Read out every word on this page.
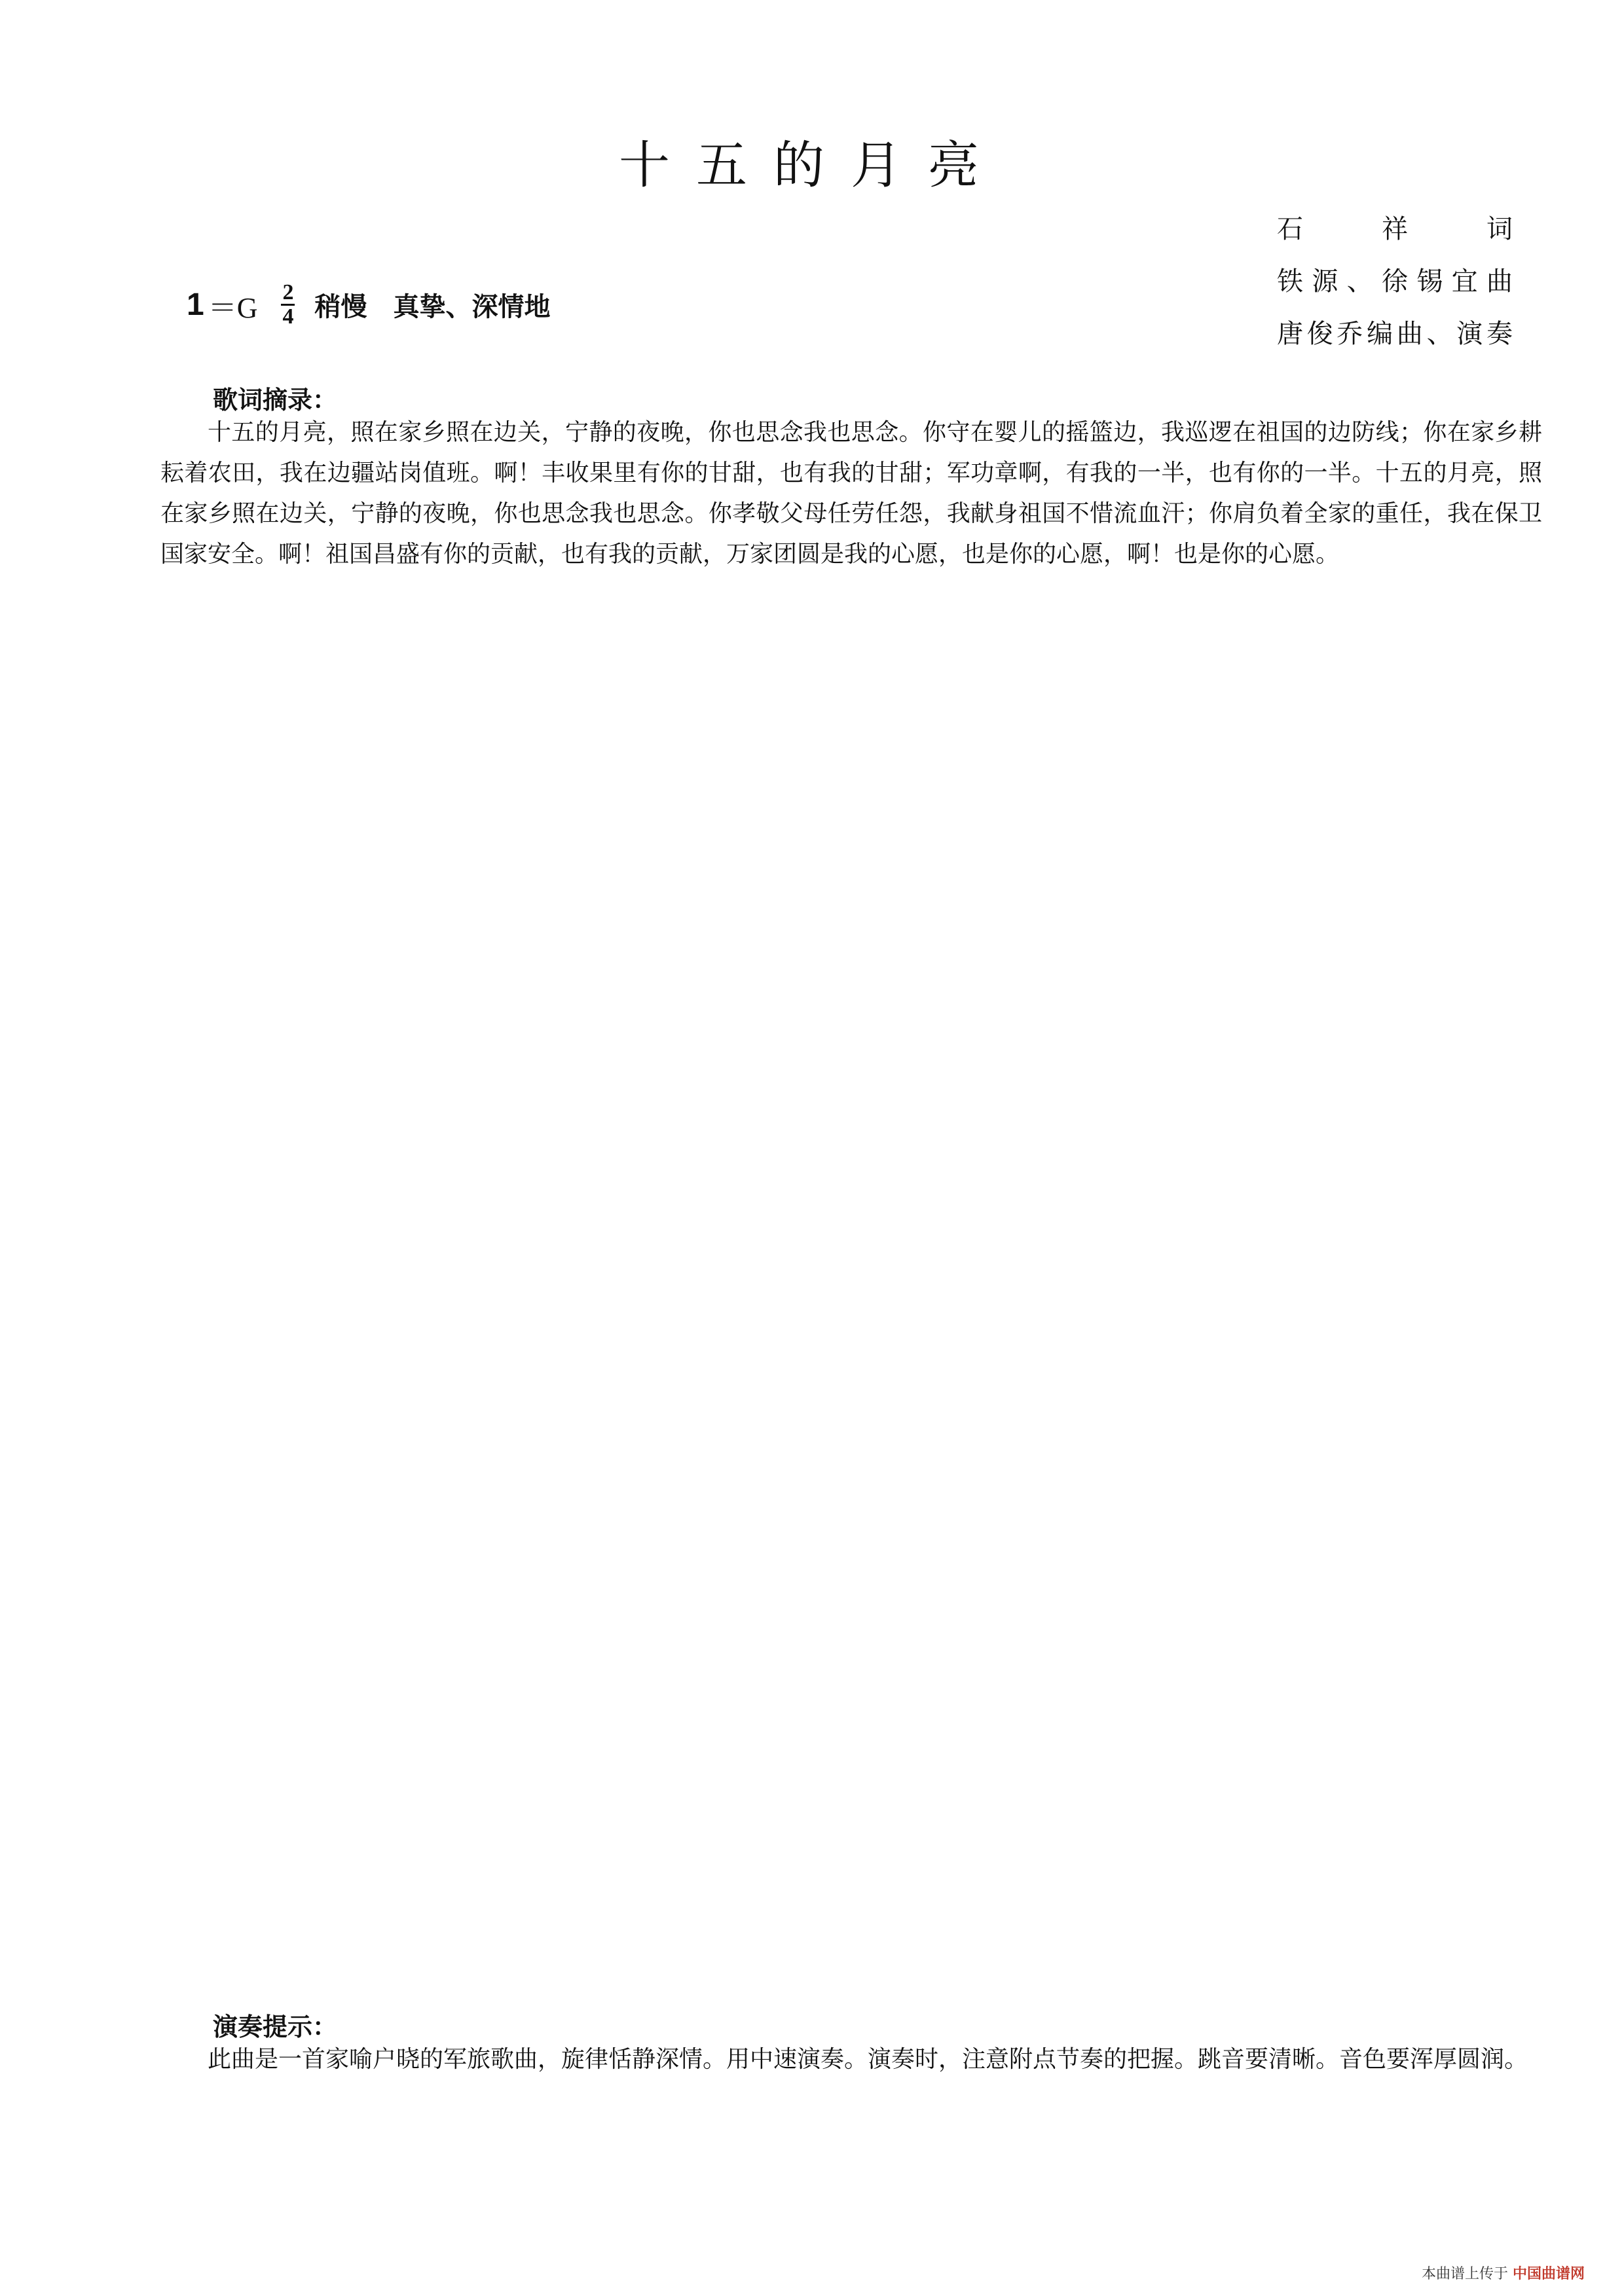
十五的月亮
石祥词
铁源、徐锡宜曲
唐俊乔编曲、演奏
1 ＝G 2
4 稍慢 真挚、深情地
歌词摘录：
十五的月亮，照在家乡照在边关，宁静的夜晚，你也思念我也思念。你守在婴儿的摇篮边，我巡逻在祖国的边防线；你在家乡耕耘着农田，我在边疆站岗值班。啊！丰收果里有你的甘甜，也有我的甘甜；军功章啊，有我的一半，也有你的一半。十五的月亮，照在家乡照在边关，宁静的夜晚，你也思念我也思念。你孝敬父母任劳任怨，我献身祖国不惜流血汗；你肩负着全家的重任，我在保卫国家安全。啊！祖国昌盛有你的贡献，也有我的贡献，万家团圆是我的心愿，也是你的心愿，啊！也是你的心愿。
演奏提示：
此曲是一首家喻户晓的军旅歌曲，旋律恬静深情。用中速演奏。演奏时，注意附点节奏的把握。跳音要清晰。音色要浑厚圆润。
本曲谱上传于 中国曲谱网
